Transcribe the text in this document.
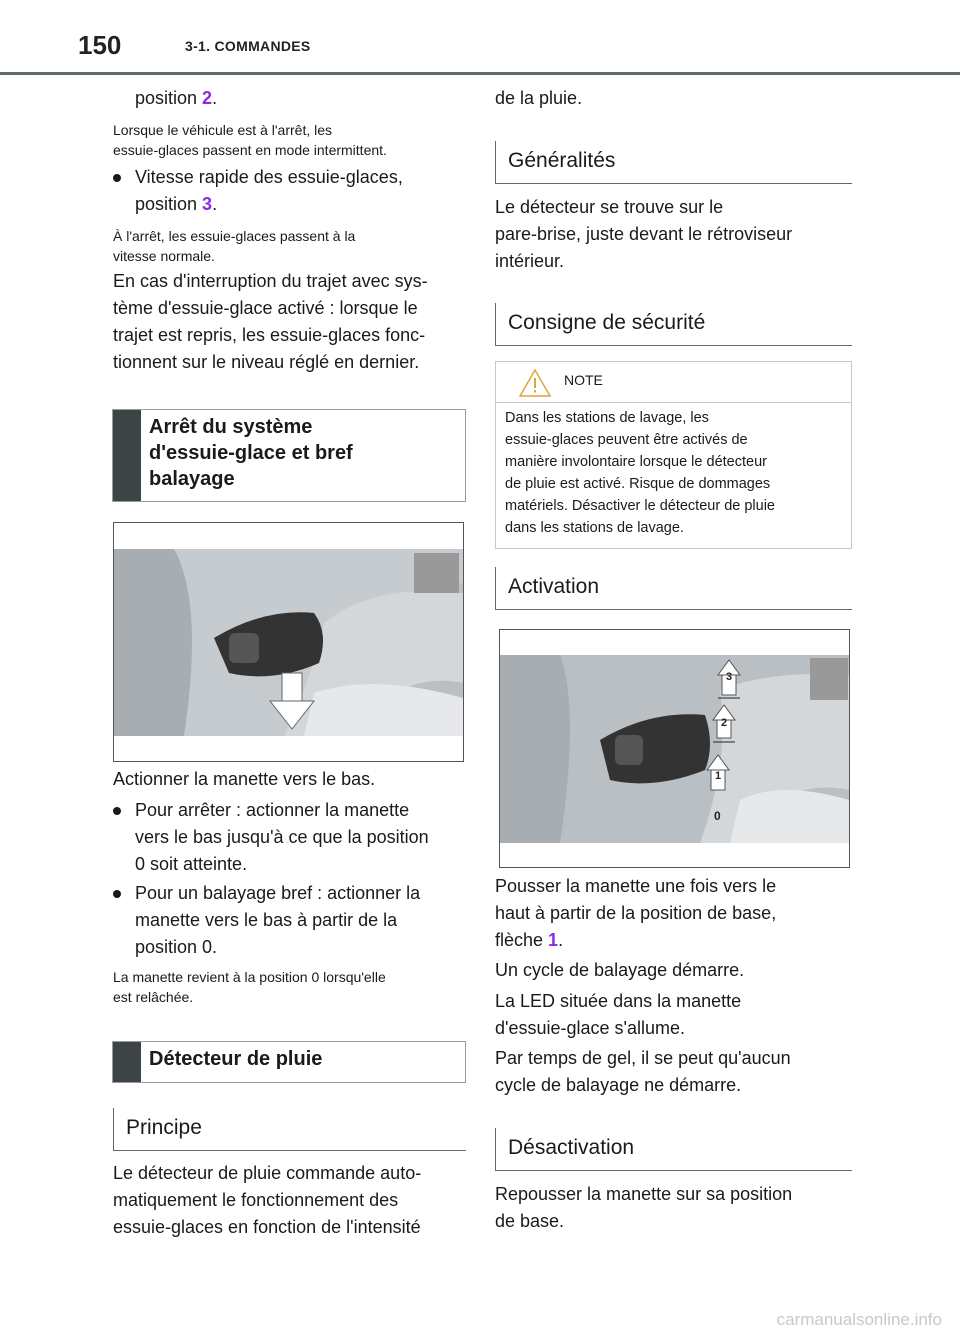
150	3-1. COMMANDES
position 2.
Lorsque le véhicule est à l'arrêt, les
essuie-glaces passent en mode intermittent.
Vitesse rapide des essuie-glaces,
position 3.
À l'arrêt, les essuie-glaces passent à la
vitesse normale.
En cas d'interruption du trajet avec sys-
tème d'essuie-glace activé : lorsque le
trajet est repris, les essuie-glaces fonc-
tionnent sur le niveau réglé en dernier.
Arrêt du système
d'essuie-glace et bref
balayage
Actionner la manette vers le bas.
Pour arrêter : actionner la manette
vers le bas jusqu'à ce que la position
0 soit atteinte.
Pour un balayage bref : actionner la
manette vers le bas à partir de la
position 0.
La manette revient à la position 0 lorsqu'elle
est relâchée.
Détecteur de pluie
Principe
Le détecteur de pluie commande auto-
matiquement le fonctionnement des
essuie-glaces en fonction de l'intensité
de la pluie.
Généralités
Le détecteur se trouve sur le
pare-brise, juste devant le rétroviseur
intérieur.
Consigne de sécurité
NOTE
Dans les stations de lavage, les
essuie-glaces peuvent être activés de
manière involontaire lorsque le détecteur
de pluie est activé. Risque de dommages
matériels. Désactiver le détecteur de pluie
dans les stations de lavage.
Activation
3
2
1
0
Pousser la manette une fois vers le
haut à partir de la position de base,
flèche 1.
Un cycle de balayage démarre.
La LED située dans la manette
d'essuie-glace s'allume.
Par temps de gel, il se peut qu'aucun
cycle de balayage ne démarre.
Désactivation
Repousser la manette sur sa position
de base.
carmanualsonline.info
